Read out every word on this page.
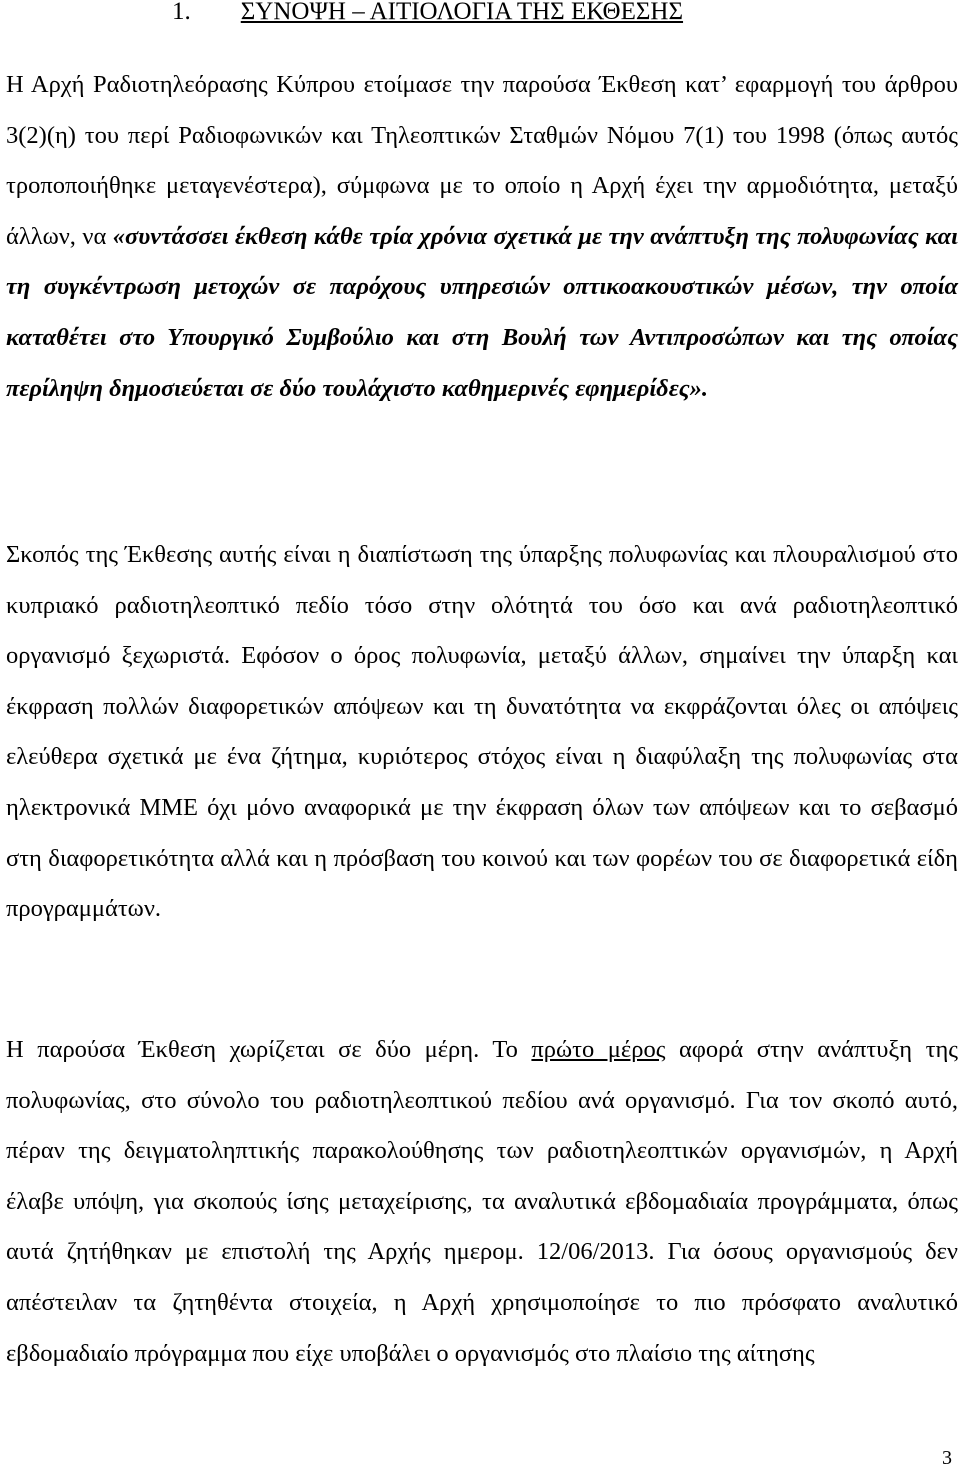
1. ΣΥΝΟΨΗ – ΑΙΤΙΟΛΟΓΙΑ ΤΗΣ ΕΚΘΕΣΗΣ

Η Αρχή Ραδιοτηλεόρασης Κύπρου ετοίμασε την παρούσα Έκθεση κατ’ εφαρμογή του άρθρου 3(2)(η) του περί Ραδιοφωνικών και Τηλεοπτικών Σταθμών Νόμου 7(1) του 1998 (όπως αυτός τροποποιήθηκε μεταγενέστερα), σύμφωνα με το οποίο η Αρχή έχει την αρμοδιότητα, μεταξύ άλλων, να «συντάσσει έκθεση κάθε τρία χρόνια σχετικά με την ανάπτυξη της πολυφωνίας και τη συγκέντρωση μετοχών σε παρόχους υπηρεσιών οπτικοακουστικών μέσων, την οποία καταθέτει στο Υπουργικό Συμβούλιο και στη Βουλή των Αντιπροσώπων και της οποίας περίληψη δημοσιεύεται σε δύο τουλάχιστο καθημερινές εφημερίδες».

Σκοπός της Έκθεσης αυτής είναι η διαπίστωση της ύπαρξης πολυφωνίας και πλουραλισμού στο κυπριακό ραδιοτηλεοπτικό πεδίο τόσο στην ολότητά του όσο και ανά ραδιοτηλεοπτικό οργανισμό ξεχωριστά. Εφόσον ο όρος πολυφωνία, μεταξύ άλλων, σημαίνει την ύπαρξη και έκφραση πολλών διαφορετικών απόψεων και τη δυνατότητα να εκφράζονται όλες οι απόψεις ελεύθερα σχετικά με ένα ζήτημα, κυριότερος στόχος είναι η διαφύλαξη της πολυφωνίας στα ηλεκτρονικά ΜΜΕ όχι μόνο αναφορικά με την έκφραση όλων των απόψεων και το σεβασμό στη διαφορετικότητα αλλά και η πρόσβαση του κοινού και των φορέων του σε διαφορετικά είδη προγραμμάτων.

Η παρούσα Έκθεση χωρίζεται σε δύο μέρη. Το πρώτο μέρος αφορά στην ανάπτυξη της πολυφωνίας, στο σύνολο του ραδιοτηλεοπτικού πεδίου ανά οργανισμό. Για τον σκοπό αυτό, πέραν της δειγματοληπτικής παρακολούθησης των ραδιοτηλεοπτικών οργανισμών, η Αρχή έλαβε υπόψη, για σκοπούς ίσης μεταχείρισης, τα αναλυτικά εβδομαδιαία προγράμματα, όπως αυτά ζητήθηκαν με επιστολή της Αρχής ημερομ. 12/06/2013. Για όσους οργανισμούς δεν απέστειλαν τα ζητηθέντα στοιχεία, η Αρχή χρησιμοποίησε το πιο πρόσφατο αναλυτικό εβδομαδιαίο πρόγραμμα που είχε υποβάλει ο οργανισμός στο πλαίσιο της αίτησης

3
